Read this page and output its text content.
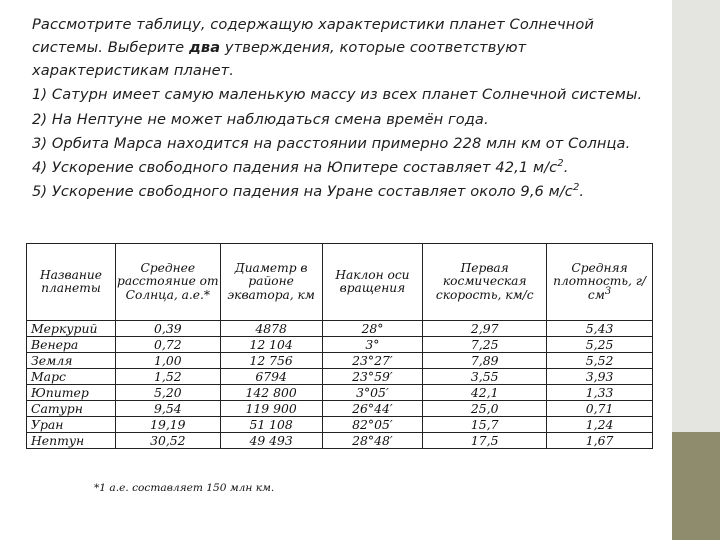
Рассмотрите таблицу, содержащую характеристики планет Солнечной системы. Выберите два утверждения, которые соответствуют характеристикам планет.

1) Сатурн имеет самую маленькую массу из всех планет Солнечной системы.

2) На Нептуне не может наблюдаться смена времён года.

3) Орбита Марса находится на расстоянии примерно 228 млн км от Солнца.

4) Ускорение свободного падения на Юпитере составляет 42,1 $м/с^2$.

5) Ускорение свободного падения на Уране составляет около 9,6 $м/с^2$.

Название планеты	Среднее расстояние от Солнца, а.е.*	Диаметр в районе экватора, км	Наклон оси вращения	Первая космическая скорость, км/с	Средняя плотность, $г/см^3$
Меркурий	0,39	4878	28°	2,97	5,43
Венера	0,72	12 104	3°	7,25	5,25
Земля	1,00	12 756	23°27′	7,89	5,52
Марс	1,52	6794	23°59′	3,55	3,93
Юпитер	5,20	142 800	3°05′	42,1	1,33
Сатурн	9,54	119 900	26°44′	25,0	0,71
Уран	19,19	51 108	82°05′	15,7	1,24
Нептун	30,52	49 493	28°48′	17,5	1,67
*1 а.е. составляет 150 млн км.
